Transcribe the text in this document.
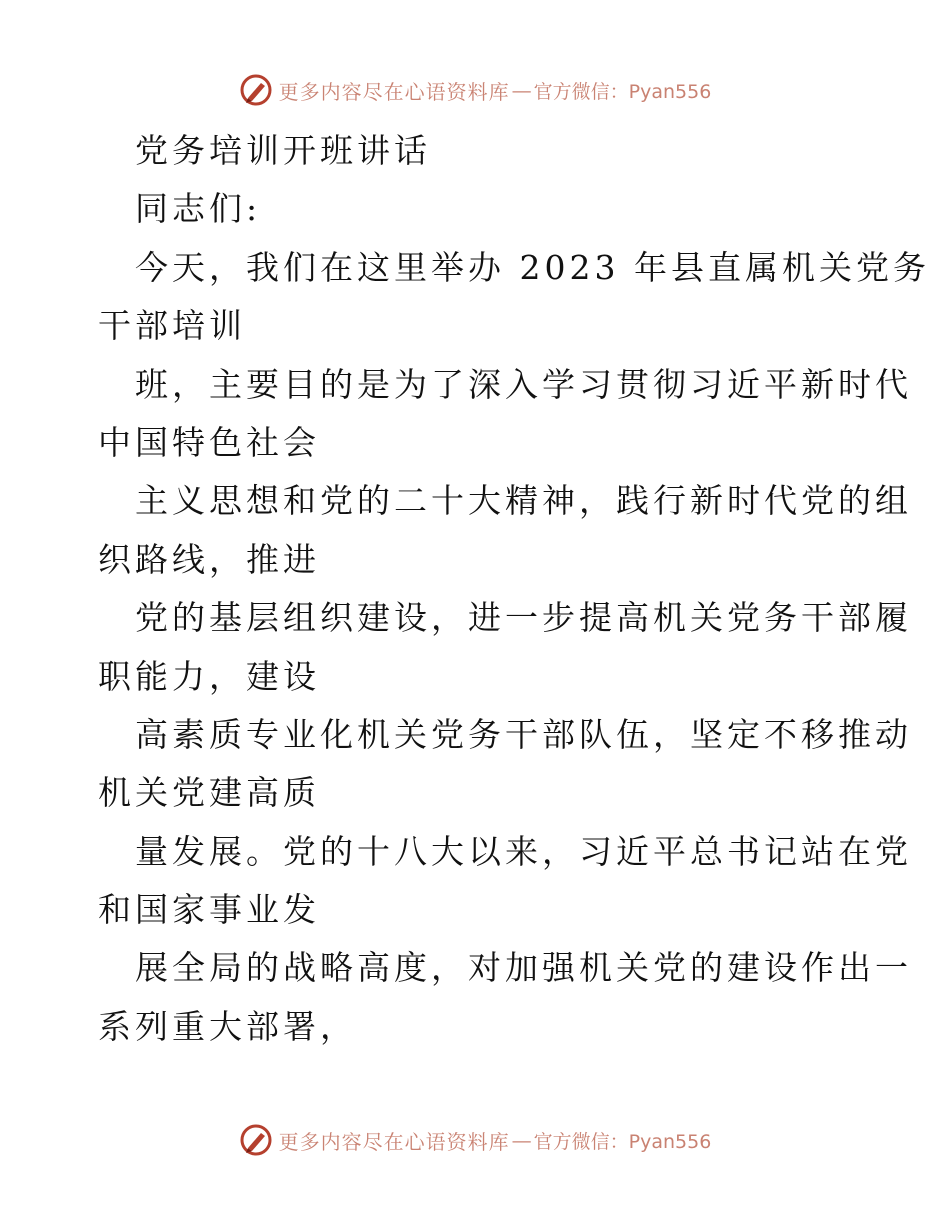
更多内容尽在心语资料库 — 官方微信：Pyan556
党务培训开班讲话
同志们:
今天，我们在这里举办 2023 年县直属机关党务
干部培训
班，主要目的是为了深入学习贯彻习近平新时代
中国特色社会
主义思想和党的二十大精神，践行新时代党的组
织路线，推进
党的基层组织建设，进一步提高机关党务干部履
职能力，建设
高素质专业化机关党务干部队伍，坚定不移推动
机关党建高质
量发展。党的十八大以来，习近平总书记站在党
和国家事业发
展全局的战略高度，对加强机关党的建设作出一
系列重大部署，
更多内容尽在心语资料库 — 官方微信：Pyan556
